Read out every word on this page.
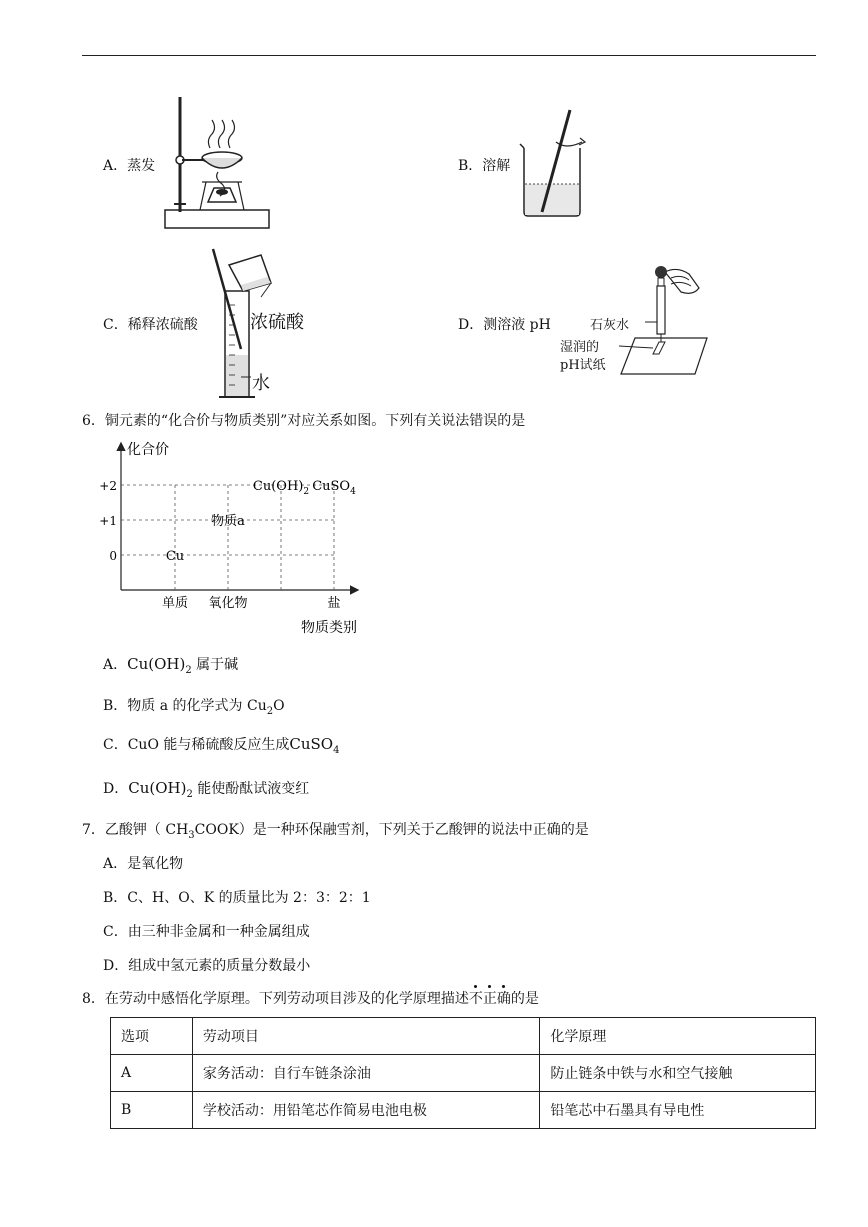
A．蒸发	B．溶解
C．稀释浓硫酸	D．测溶液 pH
浓硫酸
水
石灰水
湿润的
pH试纸
6．铜元素的“化合价与物质类别”对应关系如图。下列有关说法错误的是
+2
+1
0
单质 氧化物	盐
Cu
物质a
$Cu(OH)_2$ CuSO$_4$
化合价
物质类别
A．$Cu(OH)_2$ 属于碱
B．物质 a 的化学式为 $Cu_2O$
C．CuO 能与稀硫酸反应生成CuSO$_4$
D．$Cu(OH)_2$ 能使酚酞试液变红
7．乙酸钾（ $CH_3COOK$）是一种环保融雪剂，下列关于乙酸钾的说法中正确的是
A．是氧化物
B．C、H、O、K 的质量比为 2：3：2：1
C．由三种非金属和一种金属组成
D．组成中氢元素的质量分数最小
8．在劳动中感悟化学原理。下列劳动项目涉及的化学原理描述不正确的是
选项	劳动项目	化学原理
A	家务活动：自行车链条涂油	防止链条中铁与水和空气接触
B	学校活动：用铅笔芯作简易电池电极	铅笔芯中石墨具有导电性
